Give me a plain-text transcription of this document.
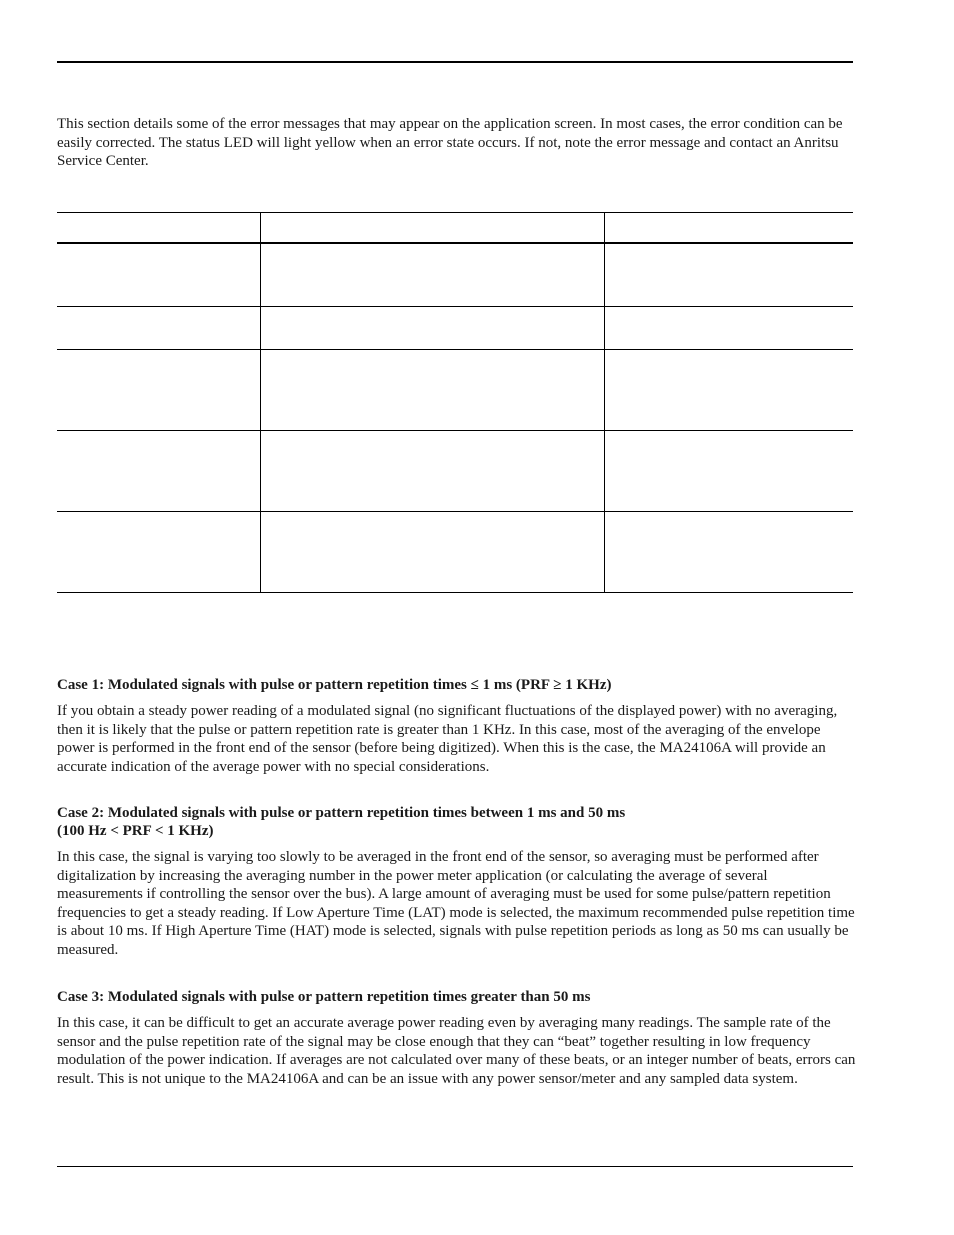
This section details some of the error messages that may appear on the application screen. In most cases, the error condition can be easily corrected. The status LED will light yellow when an error state occurs. If not, note the error message and contact an Anritsu Service Center.

Case 1: Modulated signals with pulse or pattern repetition times ≤ 1 ms (PRF ≥ 1 KHz)

If you obtain a steady power reading of a modulated signal (no significant fluctuations of the displayed power) with no averaging, then it is likely that the pulse or pattern repetition rate is greater than 1 KHz. In this case, most of the averaging of the envelope power is performed in the front end of the sensor (before being digitized). When this is the case, the MA24106A will provide an accurate indication of the average power with no special considerations.

Case 2: Modulated signals with pulse or pattern repetition times between 1 ms and 50 ms

(100 Hz < PRF < 1 KHz)

In this case, the signal is varying too slowly to be averaged in the front end of the sensor, so averaging must be performed after digitalization by increasing the averaging number in the power meter application (or calculating the average of several measurements if controlling the sensor over the bus). A large amount of averaging must be used for some pulse/pattern repetition frequencies to get a steady reading. If Low Aperture Time (LAT) mode is selected, the maximum recommended pulse repetition time is about 10 ms. If High Aperture Time (HAT) mode is selected, signals with pulse repetition periods as long as 50 ms can usually be measured.

Case 3: Modulated signals with pulse or pattern repetition times greater than 50 ms

In this case, it can be difficult to get an accurate average power reading even by averaging many readings. The sample rate of the sensor and the pulse repetition rate of the signal may be close enough that they can “beat” together resulting in low frequency modulation of the power indication. If averages are not calculated over many of these beats, or an integer number of beats, errors can result. This is not unique to the MA24106A and can be an issue with any power sensor/meter and any sampled data system.
